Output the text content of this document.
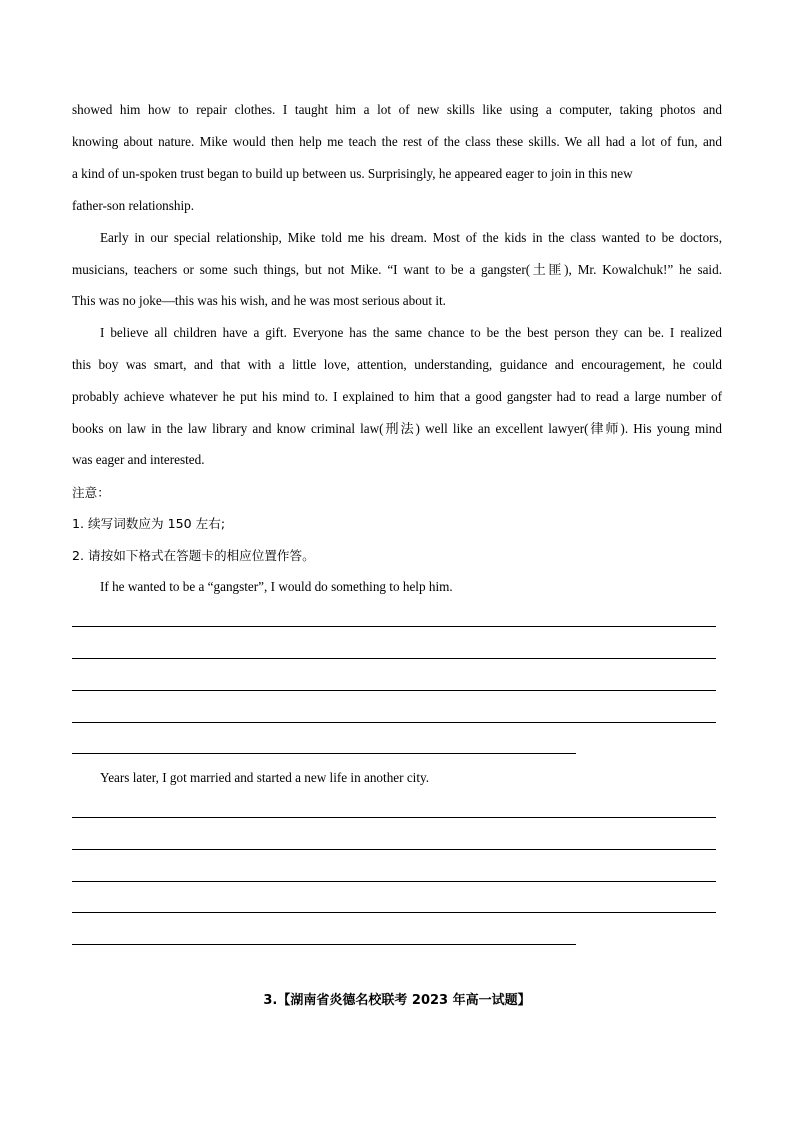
showed him how to repair clothes. I taught him a lot of new skills like using a computer, taking photos and
knowing about nature. Mike would then help me teach the rest of the class these skills. We all had a lot of fun, and
a kind of un-spoken trust began to build up between us. Surprisingly, he appeared eager to join in this new
father-son relationship.
Early in our special relationship, Mike told me his dream. Most of the kids in the class wanted to be doctors,
musicians, teachers or some such things, but not Mike. “I want to be a gangster(土匪), Mr. Kowalchuk!” he said.
This was no joke—this was his wish, and he was most serious about it.
I believe all children have a gift. Everyone has the same chance to be the best person they can be. I realized
this boy was smart, and that with a little love, attention, understanding, guidance and encouragement, he could
probably achieve whatever he put his mind to. I explained to him that a good gangster had to read a large number of
books on law in the law library and know criminal law(刑法) well like an excellent lawyer(律师). His young mind
was eager and interested.
注意：
1. 续写词数应为 150 左右;
2. 请按如下格式在答题卡的相应位置作答。
If he wanted to be a “gangster”, I would do something to help him.
Years later, I got married and started a new life in another city.
3.【湖南省炎德名校联考 2023 年高一试题】
